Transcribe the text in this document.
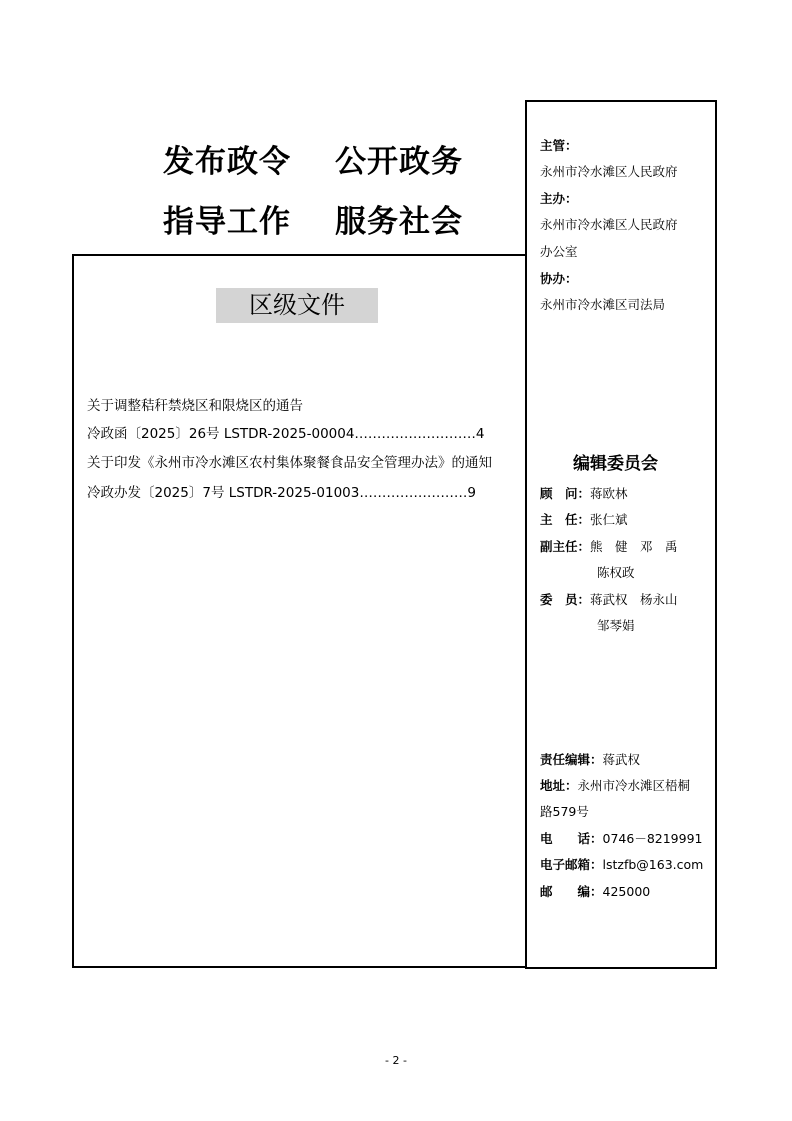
发布政令 公开政务
指导工作 服务社会
区级文件
关于调整秸秆禁烧区和限烧区的通告
冷政函〔2025〕26号 LSTDR-2025-00004………………………4
关于印发《永州市冷水滩区农村集体聚餐食品安全管理办法》的通知
冷政办发〔2025〕7号 LSTDR-2025-01003……………………9
主管：
永州市冷水滩区人民政府
主办：
永州市冷水滩区人民政府
办公室
协办：
永州市冷水滩区司法局
编辑委员会
顾　问：蒋欧林
主　任：张仁斌
副主任：熊　健　邓　禹
陈权政
委　员：蒋武权　杨永山
邹琴娟
责任编辑：蒋武权
地址：永州市冷水滩区梧桐
路579号
电　　话：0746－8219991
电子邮箱：lstzfb@163.com
邮　　编：425000
- 2 -
